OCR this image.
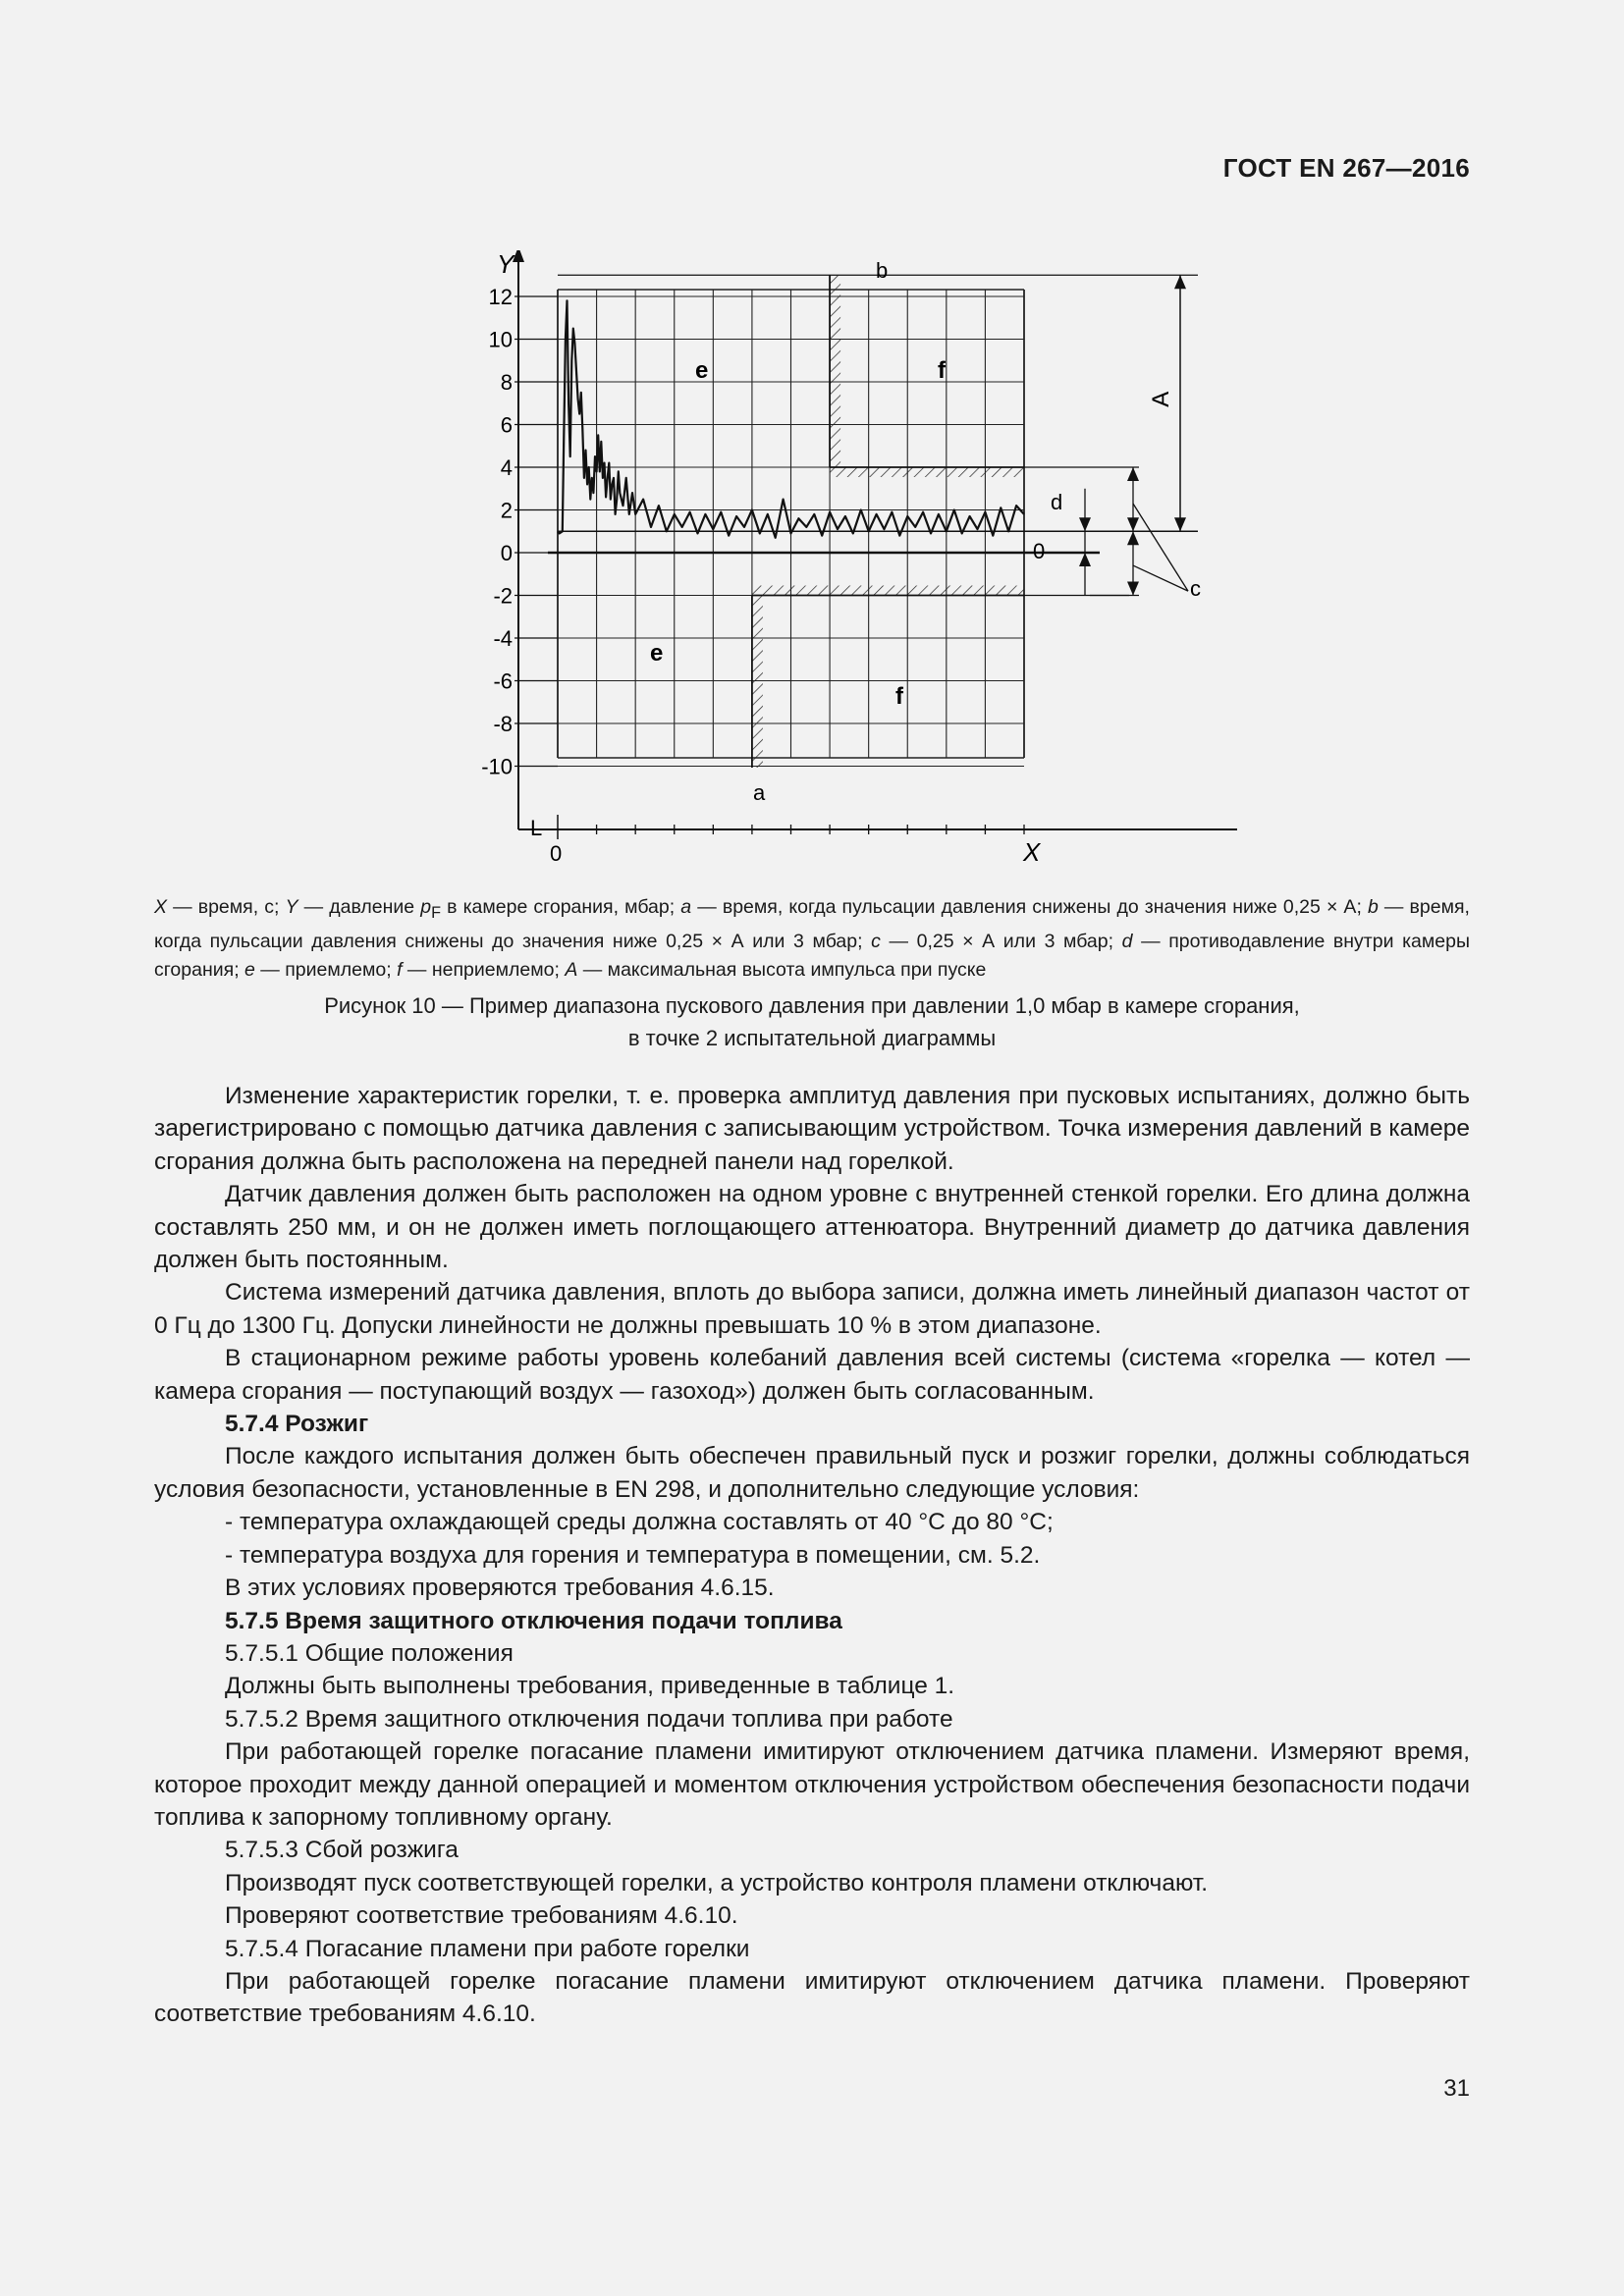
ГОСТ EN 267—2016
12
10
8
6
4
2
0
-2
-4
-6
-8
-10
Y
L
0	X
e	f
e
f
b
a
d
0
c
A
X — время, с; Y — давление $p_F$ в камере сгорания, мбар; a — время, когда пульсации давления снижены до значения ниже 0,25 × А; b — время, когда пульсации давления снижены до значения ниже 0,25 × А или 3 мбар; c — 0,25 × А или 3 мбар; d — противодавление внутри камеры сгорания; e — приемлемо; f — неприемлемо; A — максимальная высота импульса при пуске
Рисунок 10 — Пример диапазона пускового давления при давлении 1,0 мбар в камере сгорания,
в точке 2 испытательной диаграммы

Изменение характеристик горелки, т. е. проверка амплитуд давления при пусковых испытаниях, должно быть зарегистрировано с помощью датчика давления с записывающим устройством. Точка измерения давлений в камере сгорания должна быть расположена на передней панели над горелкой.

Датчик давления должен быть расположен на одном уровне с внутренней стенкой горелки. Его длина должна составлять 250 мм, и он не должен иметь поглощающего аттенюатора. Внутренний диаметр до датчика давления должен быть постоянным.

Система измерений датчика давления, вплоть до выбора записи, должна иметь линейный диапазон частот от 0 Гц до 1300 Гц. Допуски линейности не должны превышать 10 % в этом диапазоне.

В стационарном режиме работы уровень колебаний давления всей системы (система «горелка — котел — камера сгорания — поступающий воздух — газоход») должен быть согласованным.

5.7.4 Розжиг

После каждого испытания должен быть обеспечен правильный пуск и розжиг горелки, должны соблюдаться условия безопасности, установленные в EN 298, и дополнительно следующие условия:

- температура охлаждающей среды должна составлять от 40 °С до 80 °С;

- температура воздуха для горения и температура в помещении, см. 5.2.

В этих условиях проверяются требования 4.6.15.

5.7.5 Время защитного отключения подачи топлива

5.7.5.1 Общие положения

Должны быть выполнены требования, приведенные в таблице 1.

5.7.5.2 Время защитного отключения подачи топлива при работе

При работающей горелке погасание пламени имитируют отключением датчика пламени. Измеряют время, которое проходит между данной операцией и моментом отключения устройством обеспечения безопасности подачи топлива к запорному топливному органу.

5.7.5.3 Сбой розжига

Производят пуск соответствующей горелки, а устройство контроля пламени отключают.

Проверяют соответствие требованиям 4.6.10.

5.7.5.4 Погасание пламени при работе горелки

При работающей горелке погасание пламени имитируют отключением датчика пламени. Проверяют соответствие требованиям 4.6.10.

31
